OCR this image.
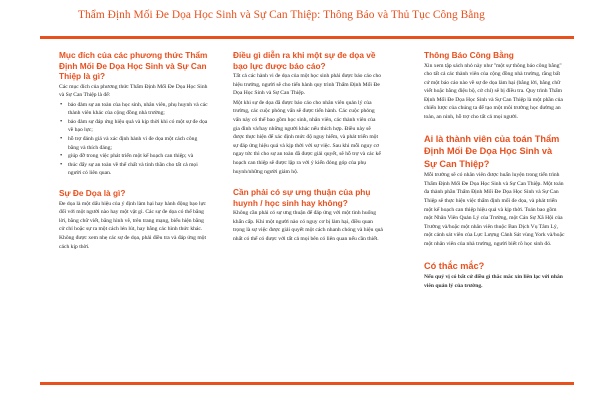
Thẩm Định Mối Đe Dọa Học Sinh và Sự Can Thiệp: Thông Báo và Thủ Tục Công Bằng
Mục đích của các phương thức Thẩm Định Mối Đe Dọa Học Sinh và Sự Can Thiệp là gì?

Các mục đích của phương thức Thẩm Định Mối Đe Dọa Học Sinh và Sự Can Thiệp là để:

• bảo đảm sự an toàn của học sinh, nhân viên, phụ huynh và các thành viên khác của cộng đồng nhà trường;
• bảo đảm sự đáp ứng hiệu quả và kịp thời khi có một sự đe dọa về bạo lực;
• hỗ trợ đánh giá và xác định hành vi đe dọa một cách công bằng và thích đáng;
• giúp đỡ trong việc phát triển một kế hoạch can thiệp; và
• thúc đẩy sự an toàn về thể chất và tinh thần cho tất cả mọi người có liên quan.
Sự Đe Dọa là gì?

Đe dọa là một dấu hiệu của ý định làm hại hay hành động bạo lực đối với một người nào hay một vật gì. Các sự đe dọa có thể bằng lời, bằng chữ viết, bằng hình vẽ, trên trang mạng, biểu hiện bằng cử chỉ hoặc sự ra một cách lén lút, hay bằng các hình thức khác. Không được xem nhẹ các sự đe dọa, phải điều tra và đáp ứng một cách kịp thời.

Điều gì diễn ra khi một sự đe dọa về bạo lực được báo cáo?

Tất cả các hành vi đe dọa của một học sinh phải được báo cáo cho hiệu trưởng, người sẽ cho tiến hành quy trình Thẩm Định Mối Đe Dọa Học Sinh và Sự Can Thiệp.

Một khi sự đe dọa đã được báo cáo cho nhân viên quản lý của trường, các cuộc phỏng vấn sẽ được tiến hành. Các cuộc phỏng vấn này có thể bao gồm học sinh, nhân viên, các thành viên của gia đình và/hay những người khác nếu thích hợp. Điều này sẽ được thực hiện để xác định mức độ nguy hiểm, và phát triển một sự đáp ứng hiệu quả và kịp thời với sự việc. Sau khi mỗi nguy cơ ngay tức thì cho sự an toàn đã được giải quyết, sẽ hỗ trợ và các kế hoạch can thiệp sẽ được lập ra với ý kiến đóng góp của phụ huynh/những người giám hộ.

Cần phải có sự ưng thuận của phụ huynh / học sinh hay không?

Không cần phải có sự ưng thuận để đáp ứng với một tình huống khẩn cấp. Khi một người nào có nguy cơ bị làm hại, điều quan trọng là sự việc được giải quyết một cách nhanh chóng và hiệu quả nhất có thể có được với tất cả mọi bên có liên quan nếu cần thiết.

Thông Báo Công Bằng

Xin xem tập sách nhỏ này như "một sự thông báo công bằng" cho tất cả các thành viên của cộng đồng nhà trường, rằng bất cứ một báo cáo nào về sự đe dọa làm hại (bằng lời, bằng chữ viết hoặc bằng điệu bộ, cử chỉ) sẽ bị điều tra. Quy trình Thẩm Định Mối Đe Dọa Học Sinh và Sự Can Thiệp là một phần của chiến lược của chúng ta để tạo một môi trường học đường an toàn, an ninh, hỗ trợ cho tất cả mọi người.

Ai là thành viên của toán Thẩm Định Mối Đe Dọa Học Sinh và Sự Can Thiệp?

Mỗi trường sẽ có nhân viên được huấn luyện trong tiến trình Thẩm Định Mối Đe Dọa Học Sinh và Sự Can Thiệp. Một toán đa thành phần Thẩm Định Mối Đe Dọa Học Sinh và Sự Can Thiệp sẽ thực hiện việc thẩm định mối đe dọa, và phát triển một kế hoạch can thiệp hiệu quả và kịp thời. Toán bao gồm một Nhân Viên Quản Lý của Trường, một Cán Sự Xã Hội của Trường và/hoặc một nhân viên thuộc Ban Dịch Vụ Tâm Lý, một cảnh sát viên của Lực Lượng Cảnh Sát vùng York và/hoặc một nhân viên của nhà trường, người biết rõ học sinh đó.

Có thắc mắc?

Nếu quý vị có bất cứ điều gì thắc mắc xin liên lạc với nhân viên quản lý của trường.
